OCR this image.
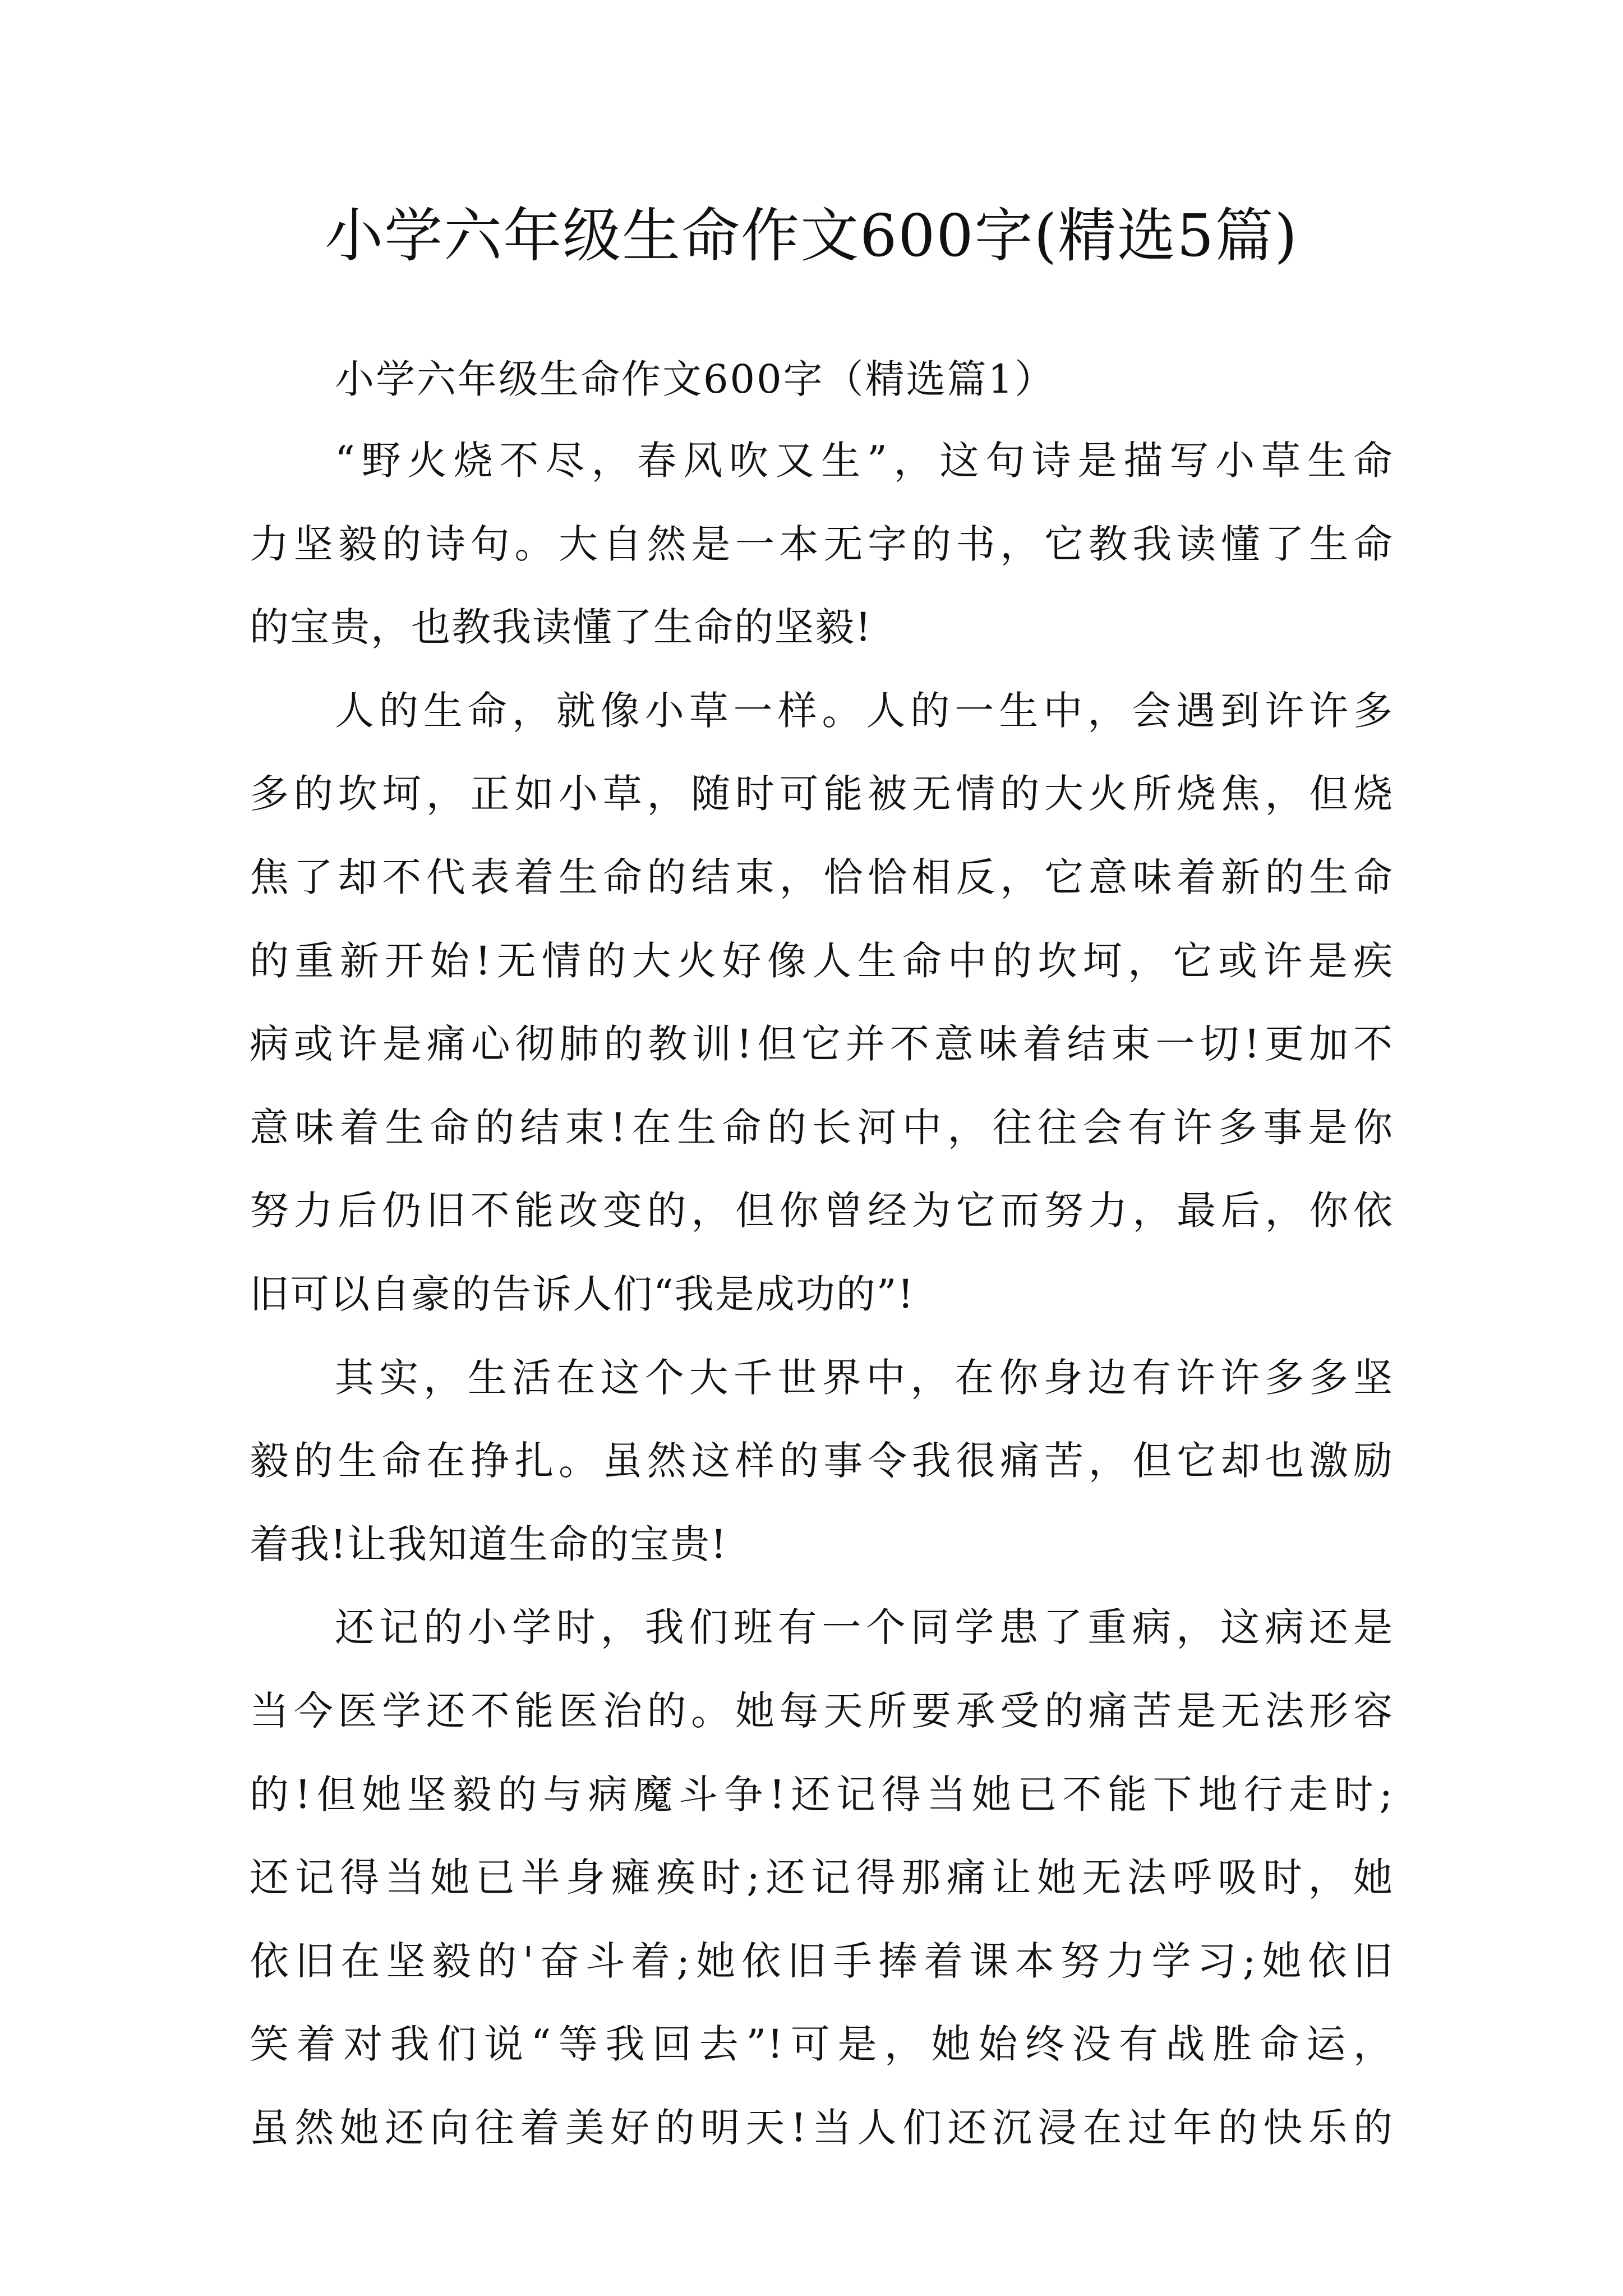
小学六年级生命作文600字(精选5篇)
小学六年级生命作文600字（精选篇1）
“野火烧不尽，春风吹又生”，这句诗是描写小草生命
力坚毅的诗句。大自然是一本无字的书，它教我读懂了生命
的宝贵，也教我读懂了生命的坚毅!
人的生命，就像小草一样。人的一生中，会遇到许许多
多的坎坷，正如小草，随时可能被无情的大火所烧焦，但烧
焦了却不代表着生命的结束，恰恰相反，它意味着新的生命
的重新开始!无情的大火好像人生命中的坎坷，它或许是疾
病或许是痛心彻肺的教训!但它并不意味着结束一切!更加不
意味着生命的结束!在生命的长河中，往往会有许多事是你
努力后仍旧不能改变的，但你曾经为它而努力，最后，你依
旧可以自豪的告诉人们“我是成功的”!
其实，生活在这个大千世界中，在你身边有许许多多坚
毅的生命在挣扎。虽然这样的事令我很痛苦，但它却也激励
着我!让我知道生命的宝贵!
还记的小学时，我们班有一个同学患了重病，这病还是
当今医学还不能医治的。她每天所要承受的痛苦是无法形容
的!但她坚毅的与病魔斗争!还记得当她已不能下地行走时;
还记得当她已半身瘫痪时;还记得那痛让她无法呼吸时，她
依旧在坚毅的'奋斗着;她依旧手捧着课本努力学习;她依旧
笑着对我们说“等我回去”!可是，她始终没有战胜命运，
虽然她还向往着美好的明天!当人们还沉浸在过年的快乐的
